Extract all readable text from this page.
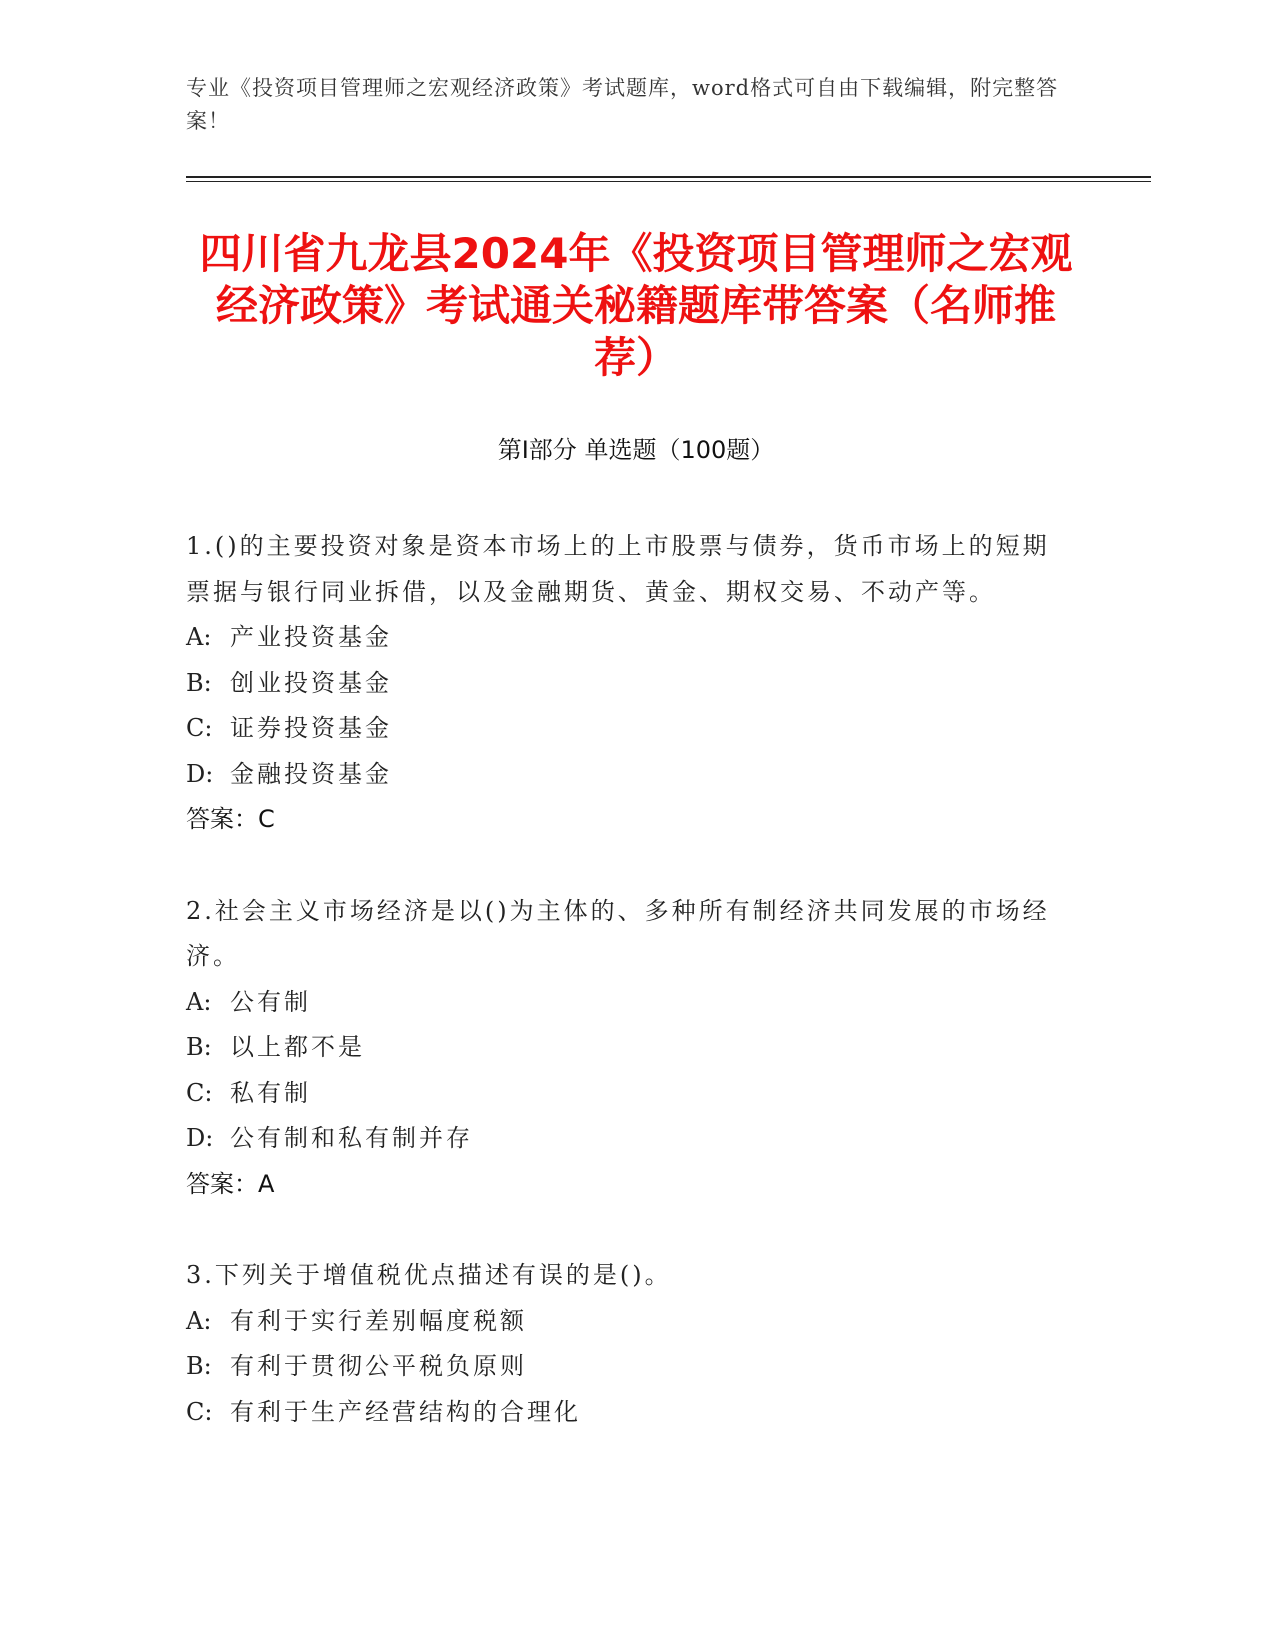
专业《投资项目管理师之宏观经济政策》考试题库，word格式可自由下载编辑，附完整答案！
四川省九龙县2024年《投资项目管理师之宏观经济政策》考试通关秘籍题库带答案（名师推荐）
第Ⅰ部分 单选题（100题）
1.()的主要投资对象是资本市场上的上市股票与债券，货币市场上的短期票据与银行同业拆借，以及金融期货、黄金、期权交易、不动产等。
A: 产业投资基金
B: 创业投资基金
C: 证券投资基金
D: 金融投资基金
答案：C
2.社会主义市场经济是以()为主体的、多种所有制经济共同发展的市场经济。
A: 公有制
B: 以上都不是
C: 私有制
D: 公有制和私有制并存
答案：A
3.下列关于增值税优点描述有误的是()。
A: 有利于实行差别幅度税额
B: 有利于贯彻公平税负原则
C: 有利于生产经营结构的合理化
